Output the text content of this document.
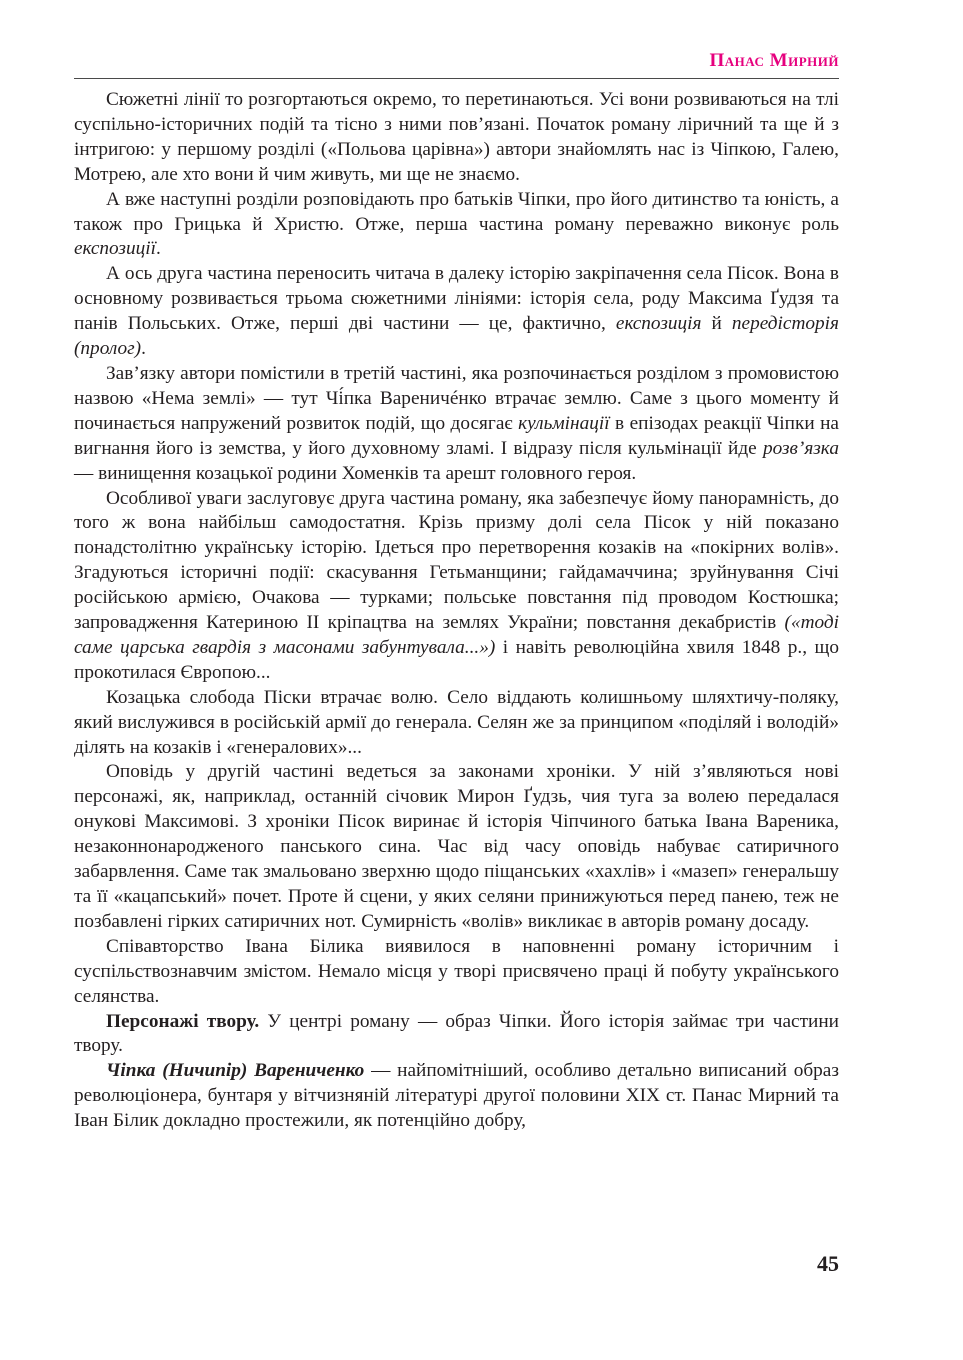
Панас Мирний

Сюжетні лінії то розгортаються окремо, то перетинаються. Усі вони розвиваються на тлі суспільно-історичних подій та тісно з ними пов’язані. Початок роману ліричний та ще й з інтригою: у першому розділі («Польова царівна») автори знайомлять нас із Чіпкою, Галею, Мотрею, але хто вони й чим живуть, ми ще не знаємо.

А вже наступні розділи розповідають про батьків Чіпки, про його дитинство та юність, а також про Грицька й Христю. Отже, перша частина роману переважно виконує роль експозиції.

А ось друга частина переносить читача в далеку історію закріпачення села Пісок. Вона в основному розвивається трьома сюжетними лініями: історія села, роду Максима Ґудзя та панів Польських. Отже, перші дві частини — це, фактично, експозиція й передісторія (пролог).

Зав’язку автори помістили в третій частині, яка розпочинається розділом з промовистою назвою «Нема землі» — тут Чі́пка Вареничéнко втрачає землю. Саме з цього моменту й починається напружений розвиток подій, що досягає кульмінації в епізодах реакції Чіпки на вигнання його із земства, у його духовному зламі. І відразу після кульмінації йде розв’язка — винищення козацької родини Хоменків та арешт головного героя.

Особливої уваги заслуговує друга частина роману, яка забезпечує йому панорамність, до того ж вона найбільш самодостатня. Крізь призму долі села Пісок у ній показано понадстолітню українську історію. Ідеться про перетворення козаків на «покірних волів». Згадуються історичні події: скасування Гетьманщини; гайдамаччина; зруйнування Січі російською армією, Очакова — турками; польське повстання під проводом Костюшка; запровадження Катериною II кріпацтва на землях України; повстання декабристів («тоді саме царська гвардія з масонами забунтувала...») і навіть революційна хвиля 1848 р., що прокотилася Європою...

Козацька слобода Піски втрачає волю. Село віддають колишньому шляхтичу-поляку, який вислужився в російській армії до генерала. Селян же за принципом «поділяй і володій» ділять на козаків і «генералових»...

Оповідь у другій частині ведеться за законами хроніки. У ній з’являються нові персонажі, як, наприклад, останній січовик Мирон Ґудзь, чия туга за волею передалася онукові Максимові. З хроніки Пісок виринає й історія Чіпчиного батька Івана Вареника, незаконнонародженого панського сина. Час від часу оповідь набуває сатиричного забарвлення. Саме так змальовано зверхню щодо піщанських «хахлів» і «мазеп» генеральшу та її «кацапський» почет. Проте й сцени, у яких селяни принижуються перед панею, теж не позбавлені гірких сатиричних нот. Сумирність «волів» викликає в авторів роману досаду.

Співавторство Івана Білика виявилося в наповненні роману історичним і суспільствознавчим змістом. Немало місця у творі присвячено праці й побуту українського селянства.

Персонажі твору. У центрі роману — образ Чіпки. Його історія займає три частини твору.

Чіпка (Ничипір) Варениченко — найпомітніший, особливо детально виписаний образ революціонера, бунтаря у вітчизняній літературі другої половини XIX ст. Панас Мирний та Іван Білик докладно простежили, як потенційно добру,

45
